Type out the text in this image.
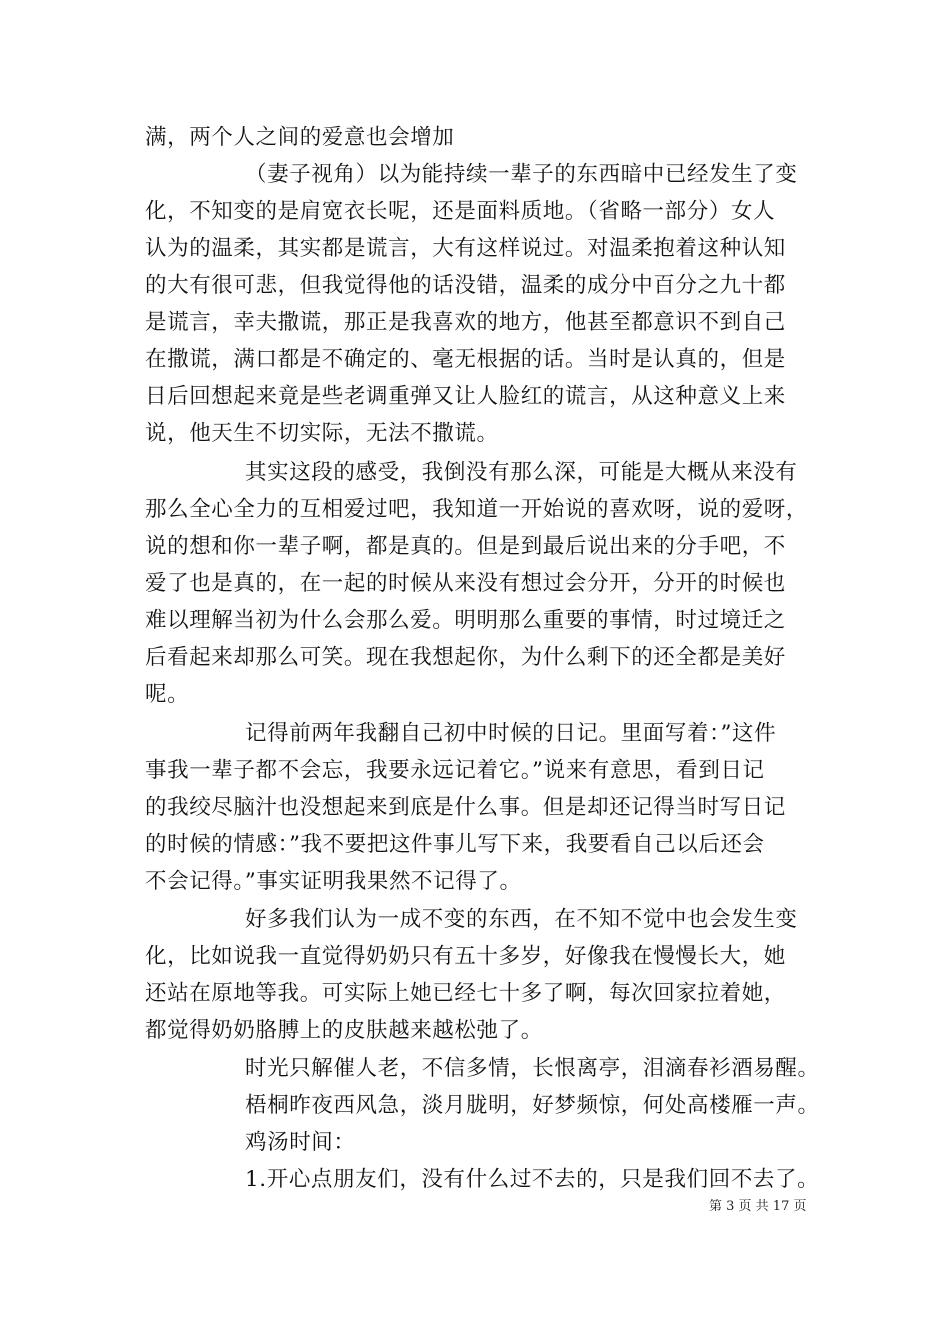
满，两个人之间的爱意也会增加
（妻子视角）以为能持续一辈子的东西暗中已经发生了变
化，不知变的是肩宽衣长呢，还是面料质地。（省略一部分）女人
认为的温柔，其实都是谎言，大有这样说过。对温柔抱着这种认知
的大有很可悲，但我觉得他的话没错，温柔的成分中百分之九十都
是谎言，幸夫撒谎，那正是我喜欢的地方，他甚至都意识不到自己
在撒谎，满口都是不确定的、毫无根据的话。当时是认真的，但是
日后回想起来竟是些老调重弹又让人脸红的谎言，从这种意义上来
说，他天生不切实际，无法不撒谎。
其实这段的感受，我倒没有那么深，可能是大概从来没有
那么全心全力的互相爱过吧，我知道一开始说的喜欢呀，说的爱呀，
说的想和你一辈子啊，都是真的。但是到最后说出来的分手吧，不
爱了也是真的，在一起的时候从来没有想过会分开，分开的时候也
难以理解当初为什么会那么爱。明明那么重要的事情，时过境迁之
后看起来却那么可笑。现在我想起你，为什么剩下的还全都是美好
呢。
记得前两年我翻自己初中时候的日记。里面写着：”这件
事我一辈子都不会忘，我要永远记着它。”说来有意思，看到日记
的我绞尽脑汁也没想起来到底是什么事。但是却还记得当时写日记
的时候的情感：”我不要把这件事儿写下来，我要看自己以后还会
不会记得。”事实证明我果然不记得了。
好多我们认为一成不变的东西，在不知不觉中也会发生变
化，比如说我一直觉得奶奶只有五十多岁，好像我在慢慢长大，她
还站在原地等我。可实际上她已经七十多了啊，每次回家拉着她，
都觉得奶奶胳膊上的皮肤越来越松弛了。
时光只解催人老，不信多情，长恨离亭，泪滴春衫酒易醒。
梧桐昨夜西风急，淡月胧明，好梦频惊，何处高楼雁一声。
鸡汤时间：
1.开心点朋友们，没有什么过不去的，只是我们回不去了。
第 3 页 共 17 页
